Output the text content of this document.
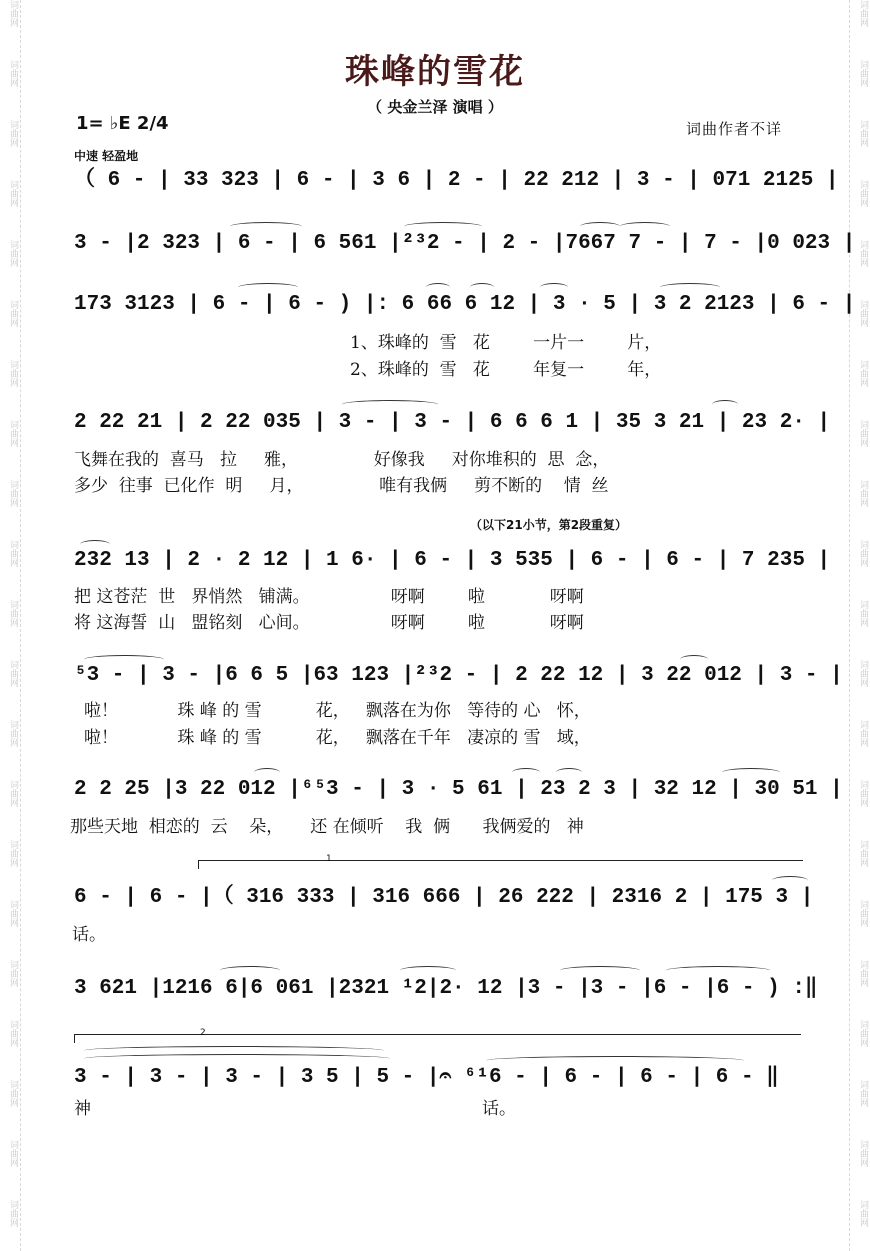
词曲网
词曲网
词曲网
词曲网
词曲网
词曲网
词曲网
词曲网
词曲网
词曲网
词曲网
词曲网
词曲网
词曲网
词曲网
词曲网
词曲网
词曲网
词曲网
词曲网
词曲网
词曲网
词曲网
词曲网
词曲网
词曲网
词曲网
词曲网
词曲网
词曲网
词曲网
词曲网
词曲网
词曲网
词曲网
词曲网
词曲网
词曲网
词曲网
词曲网
词曲网
词曲网
珠峰的雪花
（ 央金兰泽 演唱 ）
词曲作者不详
1= ♭E 2/4
中速 轻盈地
（ 6 - | 33 323 | 6 - | 3 6 | 2 - | 22 212 | 3 - | 071 2125 |
3 - |2 323 | 6 - | 6 561 |²³2 - | 2 - |7667 7 - | 7 - |0 023 |
173 3123 | 6 - | 6 - ) |: 6 66 6 12 | 3 · 5 | 3 2 2123 | 6 - |
1、珠峰的  雪   花        一片一        片，
2、珠峰的  雪   花        年复一        年，
2 22 21 | 2 22 035 | 3 - | 3 - | 6 6 6 1 | 35 3 21 | 23 2· |
飞舞在我的  喜马   拉     雅，              好像我     对你堆积的  思  念，
多少  往事  已化作  明     月，              唯有我俩     剪不断的    情  丝
（以下21小节，第2段重复）
232 13 | 2 · 2 12 | 1 6· | 6 - | 3 535 | 6 - | 6 - | 7 235 |
把 这苍茫  世   界悄然   铺满。               呀啊        啦            呀啊
将 这海誓  山   盟铭刻   心间。               呀啊        啦            呀啊
⁵3 - | 3 - |6 6 5 |63 123 |²³2 - | 2 22 12 | 3 22 012 | 3 - |
啦！           珠 峰 的 雪          花，   飘落在为你   等待的 心   怀，
啦！           珠 峰 的 雪          花，   飘落在千年   凄凉的 雪   域，
2 2 25 |3 22 012 |⁶⁵3 - | 3 · 5 61 | 23 2 3 | 32 12 | 30 51 |
那些天地  相恋的  云    朵，     还 在倾听    我  俩      我俩爱的   神
1
6 - | 6 - |（ 316 333 | 316 666 | 26 222 | 2316 2 | 175 3 |
话。
3 621 |1216 6|6 061 |2321 ¹2|2· 12 |3 - |3 - |6 - |6 - ) :‖
2
3 - | 3 - | 3 - | 3 5 | 5 - |𝄐 ⁶¹6 - | 6 - | 6 - | 6 - ‖
神	话。
